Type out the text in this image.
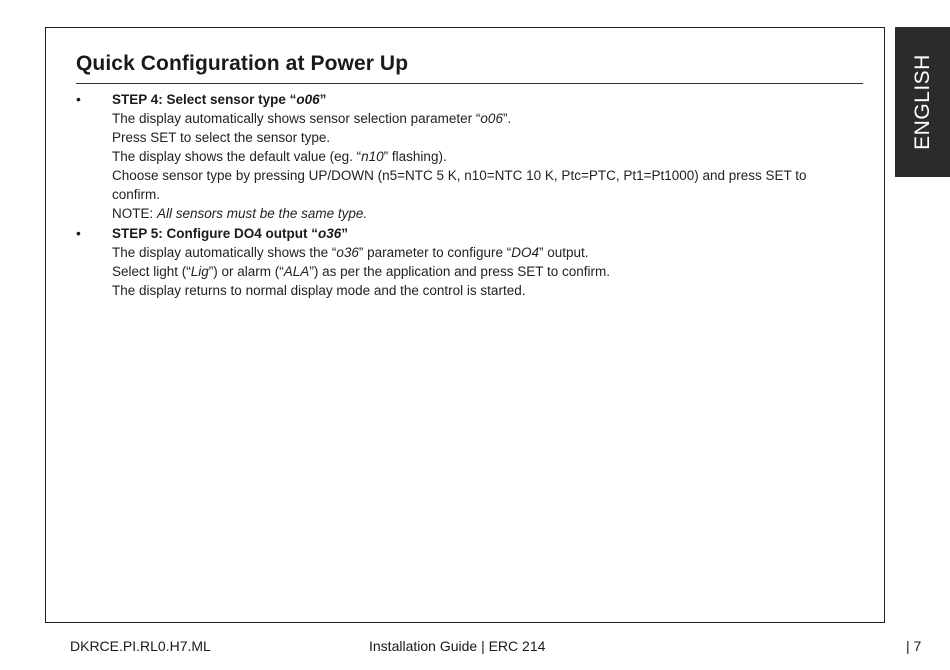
Quick Configuration at Power Up
• STEP 4: Select sensor type “o06”
The display automatically shows sensor selection parameter “o06”.
Press SET to select the sensor type.
The display shows the default value (eg. “n10” flashing).
Choose sensor type by pressing UP/DOWN (n5=NTC 5 K, n10=NTC 10 K, Ptc=PTC, Pt1=Pt1000) and press SET to confirm.
NOTE: All sensors must be the same type.
• STEP 5: Configure DO4 output “o36”
The display automatically shows the “o36” parameter to configure “DO4” output.
Select light (“Lig”) or alarm (“ALA”) as per the application and press SET to confirm.
The display returns to normal display mode and the control is started.
ENGLISH
DKRCE.PI.RL0.H7.ML	Installation Guide | ERC 214	| 7
